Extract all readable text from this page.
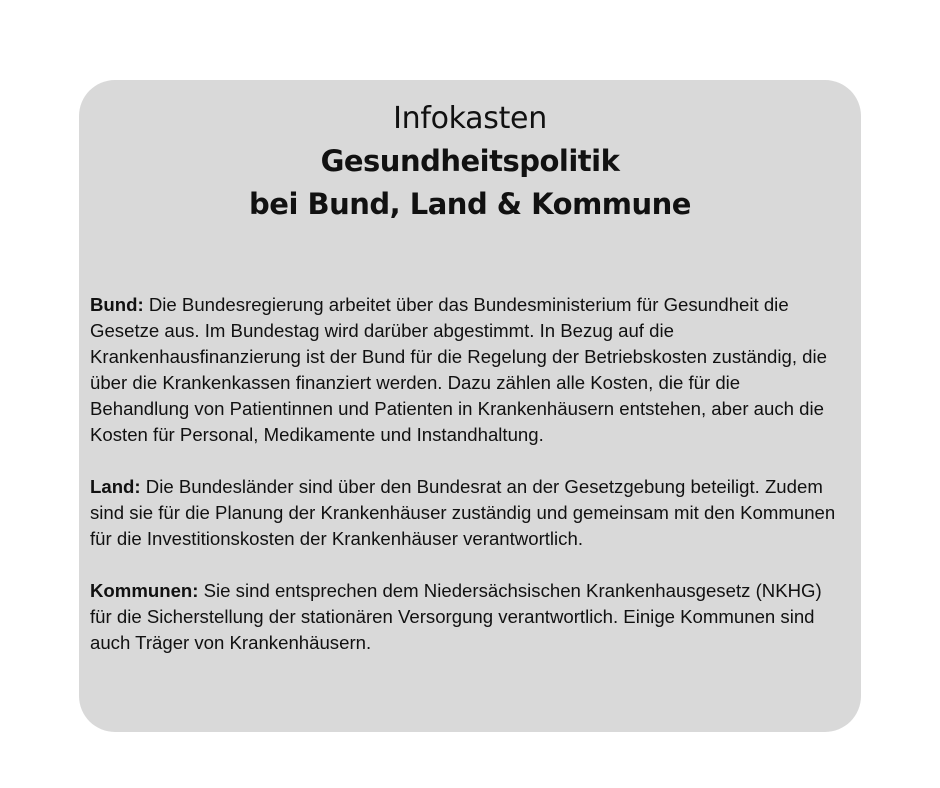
Infokasten
Gesundheitspolitik
bei Bund, Land & Kommune

Bund: Die Bundesregierung arbeitet über das Bundesministerium für Gesundheit die Gesetze aus. Im Bundestag wird darüber abgestimmt. In Bezug auf die Krankenhausfinanzierung ist der Bund für die Regelung der Betriebskosten zuständig, die über die Krankenkassen finanziert werden. Dazu zählen alle Kosten, die für die Behandlung von Patientinnen und Patienten in Krankenhäusern entstehen, aber auch die Kosten für Personal, Medikamente und Instandhaltung.

Land: Die Bundesländer sind über den Bundesrat an der Gesetzgebung beteiligt. Zudem sind sie für die Planung der Krankenhäuser zuständig und gemeinsam mit den Kommunen für die Investitionskosten der Krankenhäuser verantwortlich.

Kommunen: Sie sind entsprechen dem Niedersächsischen Krankenhausgesetz (NKHG) für die Sicherstellung der stationären Versorgung verantwortlich. Einige Kommunen sind auch Träger von Krankenhäusern.
